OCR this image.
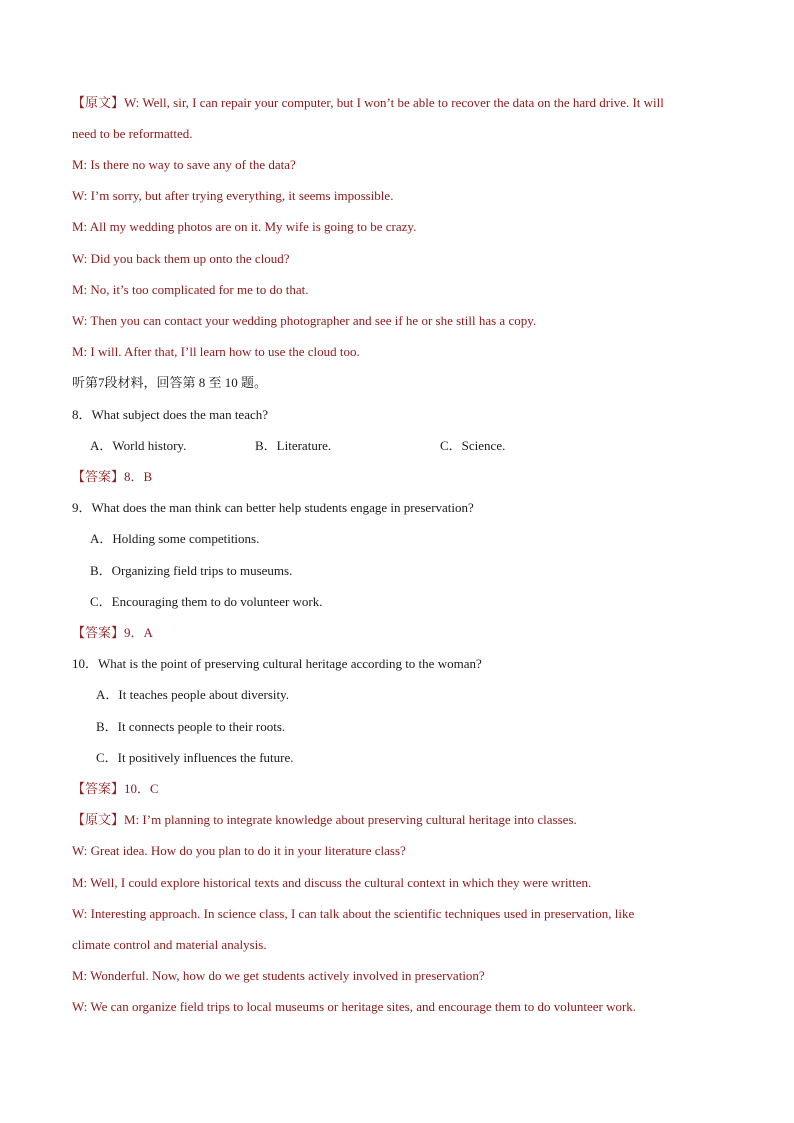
【原文】W: Well, sir, I can repair your computer, but I won’t be able to recover the data on the hard drive. It will
need to be reformatted.
M: Is there no way to save any of the data?
W: I’m sorry, but after trying everything, it seems impossible.
M: All my wedding photos are on it. My wife is going to be crazy.
W: Did you back them up onto the cloud?
M: No, it’s too complicated for me to do that.
W: Then you can contact your wedding photographer and see if he or she still has a copy.
M: I will. After that, I’ll learn how to use the cloud too.
听第7段材料，回答第 8 至 10 题。
8．What subject does the man teach?
A．World history.	B．Literature.	C．Science.
【答案】8．B
9．What does the man think can better help students engage in preservation?
A．Holding some competitions.
B．Organizing field trips to museums.
C．Encouraging them to do volunteer work.
【答案】9．A
10．What is the point of preserving cultural heritage according to the woman?
A．It teaches people about diversity.
B．It connects people to their roots.
C．It positively influences the future.
【答案】10．C
【原文】M: I’m planning to integrate knowledge about preserving cultural heritage into classes.
W: Great idea. How do you plan to do it in your literature class?
M: Well, I could explore historical texts and discuss the cultural context in which they were written.
W: Interesting approach. In science class, I can talk about the scientific techniques used in preservation, like
climate control and material analysis.
M: Wonderful. Now, how do we get students actively involved in preservation?
W: We can organize field trips to local museums or heritage sites, and encourage them to do volunteer work.
